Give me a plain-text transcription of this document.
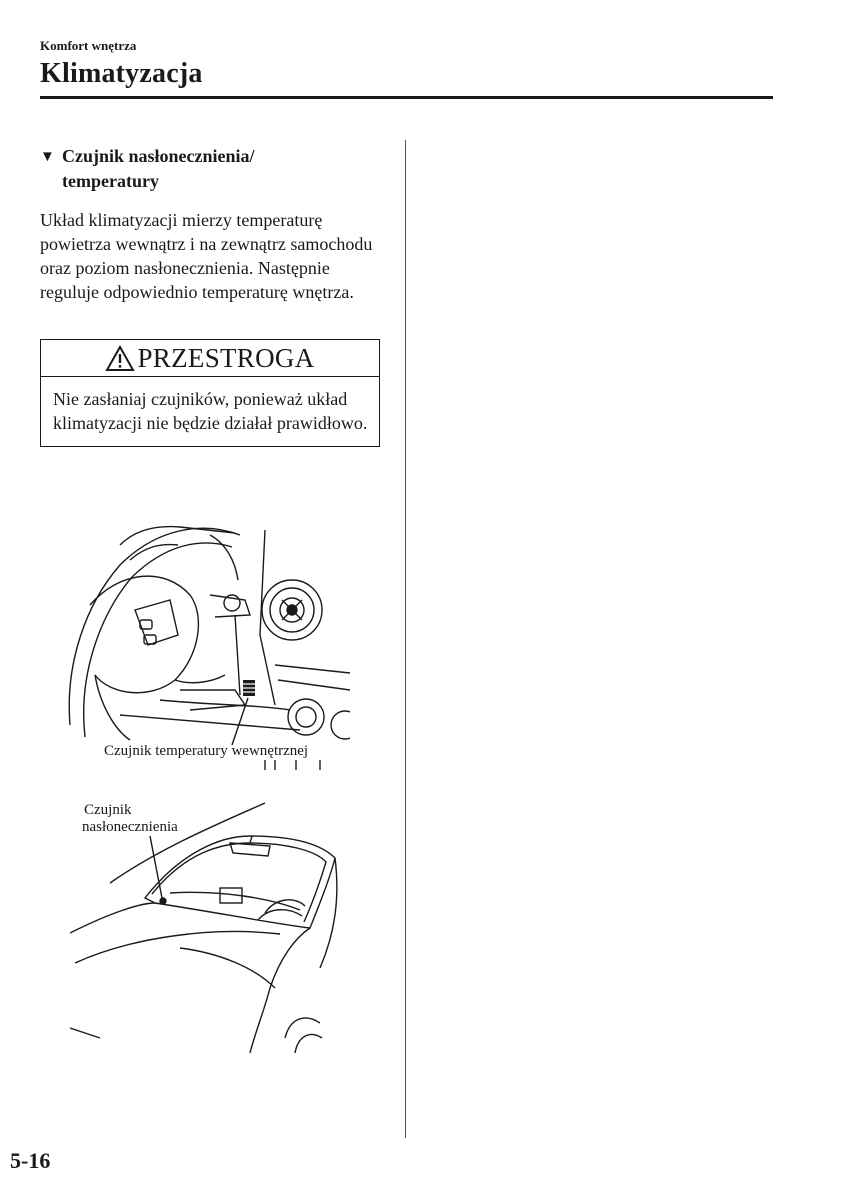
Komfort wnętrza
Klimatyzacja
▼ Czujnik nasłonecznienia/
temperatury
Układ klimatyzacji mierzy temperaturę powietrza wewnątrz i na zewnątrz samochodu oraz poziom nasłonecznienia. Następnie reguluje odpowiednio temperaturę wnętrza.
PRZESTROGA
Nie zasłaniaj czujników, ponieważ układ klimatyzacji nie będzie działał prawidłowo.
Czujnik temperatury wewnętrznej
Czujnik
nasłonecznienia
5-16
